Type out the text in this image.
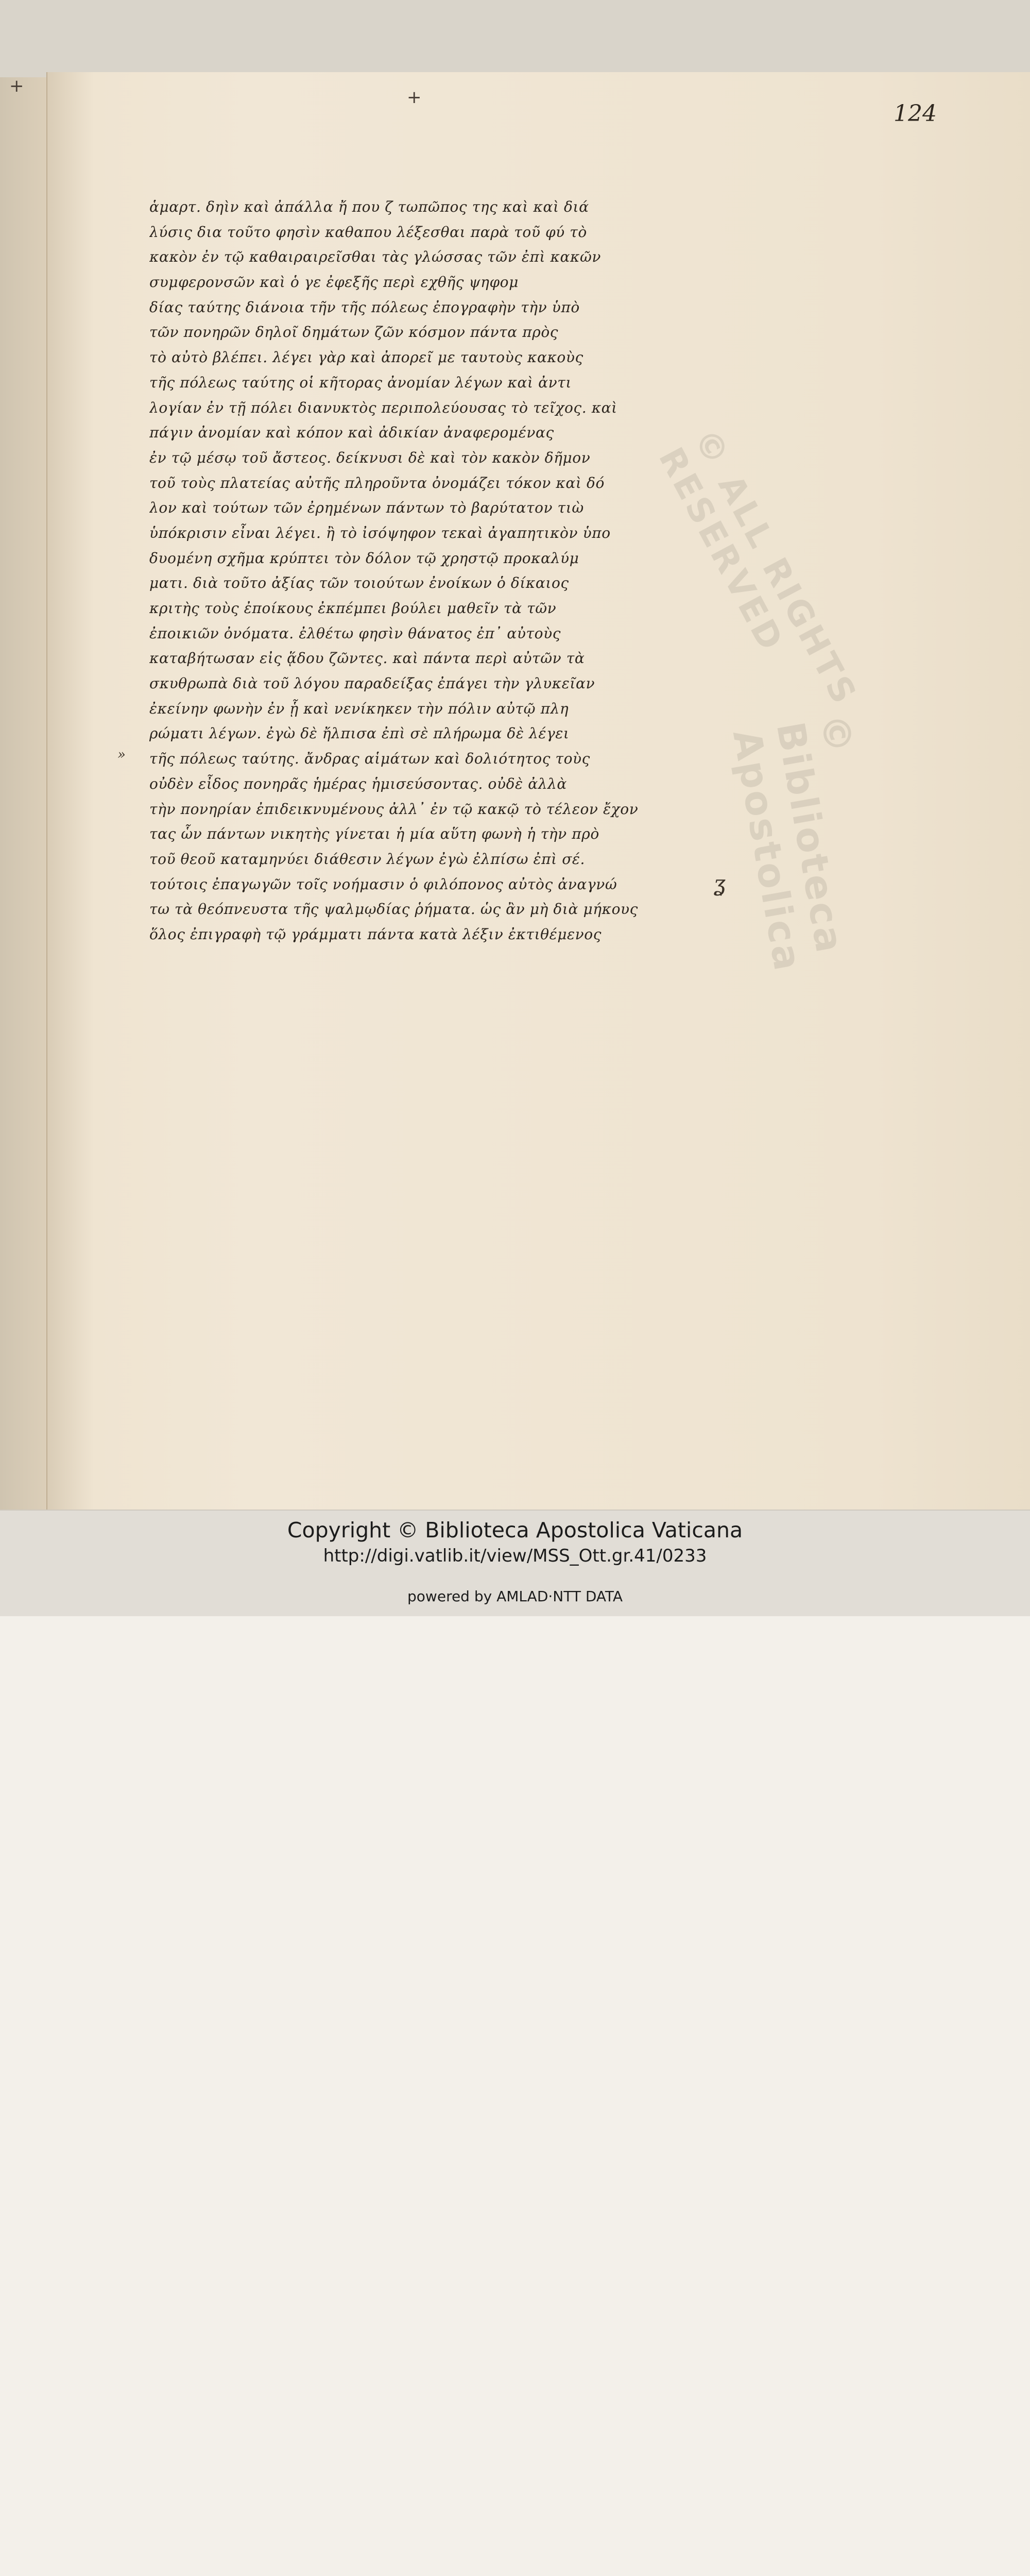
+
+
124
»
ʓ
ἁμαρτ. δηὶν καὶ ἀπάλλα ἤ που ζ τωπῶπος της καὶ καὶ διά
λύσις δια τοῦτο φησὶν καθαπου λέξεσθαι παρὰ τοῦ φύ τὸ
κακὸν ἐν τῷ καθαιραιρεῖσθαι τὰς γλώσσας τῶν ἐπὶ κακῶν
συμφερονσῶν καὶ ὁ γε ἐφεξῆς περὶ εχθῆς ψηφομ
δίας ταύτης διάνοια τῆν τῆς πόλεως ἐπογραφὴν τὴν ὑπὸ
τῶν πονηρῶν δηλοῖ δημάτων ζῶν κόσμον πάντα πρὸς
τὸ αὐτὸ βλέπει. λέγει γὰρ καὶ ἀπορεῖ με ταυτοὺς κακοὺς
τῆς πόλεως ταύτης οἱ κῆτορας ἀνομίαν λέγων καὶ ἀντι
λογίαν ἐν τῇ πόλει διανυκτὸς περιπολεύουσας τὸ τεῖχος. καὶ
πάγιν ἀνομίαν καὶ κόπον καὶ ἀδικίαν ἀναφερομένας
ἐν τῷ μέσῳ τοῦ ἄστεος. δείκνυσι δὲ καὶ τὸν κακὸν δῆμον
τοῦ τοὺς πλατείας αὐτῆς πληροῦντα ὀνομάζει τόκον καὶ δό
λον καὶ τούτων τῶν ἐρημένων πάντων τὸ βαρύτατον τιὼ
ὑπόκρισιν εἶναι λέγει. ἢ τὸ ἰσόψηφον τεκαὶ ἀγαπητικὸν ὑπο
δυομένη σχῆμα κρύπτει τὸν δόλον τῷ χρηστῷ προκαλύμ
ματι. διὰ τοῦτο ἀξίας τῶν τοιούτων ἐνοίκων ὁ δίκαιος
κριτὴς τοὺς ἐποίκους ἐκπέμπει βούλει μαθεῖν τὰ τῶν
ἐποικιῶν ὀνόματα. ἐλθέτω φησὶν θάνατος ἐπ᾽ αὐτοὺς
καταβήτωσαν εἰς ᾅδου ζῶντες. καὶ πάντα περὶ αὐτῶν τὰ
σκυθρωπὰ διὰ τοῦ λόγου παραδείξας ἐπάγει τὴν γλυκεῖαν
ἐκείνην φωνὴν ἐν ᾗ καὶ νενίκηκεν τὴν πόλιν αὐτῷ πλη
ρώματι λέγων. ἐγὼ δὲ ἤλπισα ἐπὶ σὲ πλήρωμα δὲ λέγει
τῆς πόλεως ταύτης. ἄνδρας αἱμάτων καὶ δολιότητος τοὺς
οὐδὲν εἶδος πονηρᾶς ἡμέρας ἡμισεύσοντας. οὐδὲ ἀλλὰ
τὴν πονηρίαν ἐπιδεικνυμένους ἀλλ᾽ ἐν τῷ κακῷ τὸ τέλεον ἔχον
τας ὧν πάντων νικητὴς γίνεται ἡ μία αὕτη φωνὴ ἡ τὴν πρὸ
τοῦ θεοῦ καταμηνύει διάθεσιν λέγων ἐγὼ ἐλπίσω ἐπὶ σέ.
τούτοις ἐπαγωγῶν τοῖς νοήμασιν ὁ φιλόπονος αὐτὸς ἀναγνώ
τω τὰ θεόπνευστα τῆς ψαλμῳδίας ῥήματα. ὡς ἂν μὴ διὰ μήκους
ὅλος ἐπιγραφὴ τῷ γράμματι πάντα κατὰ λέξιν ἐκτιθέμενος
Copyright © Biblioteca Apostolica Vaticana
http://digi.vatlib.it/view/MSS_Ott.gr.41/0233
powered by AMLAD·NTT DATA
